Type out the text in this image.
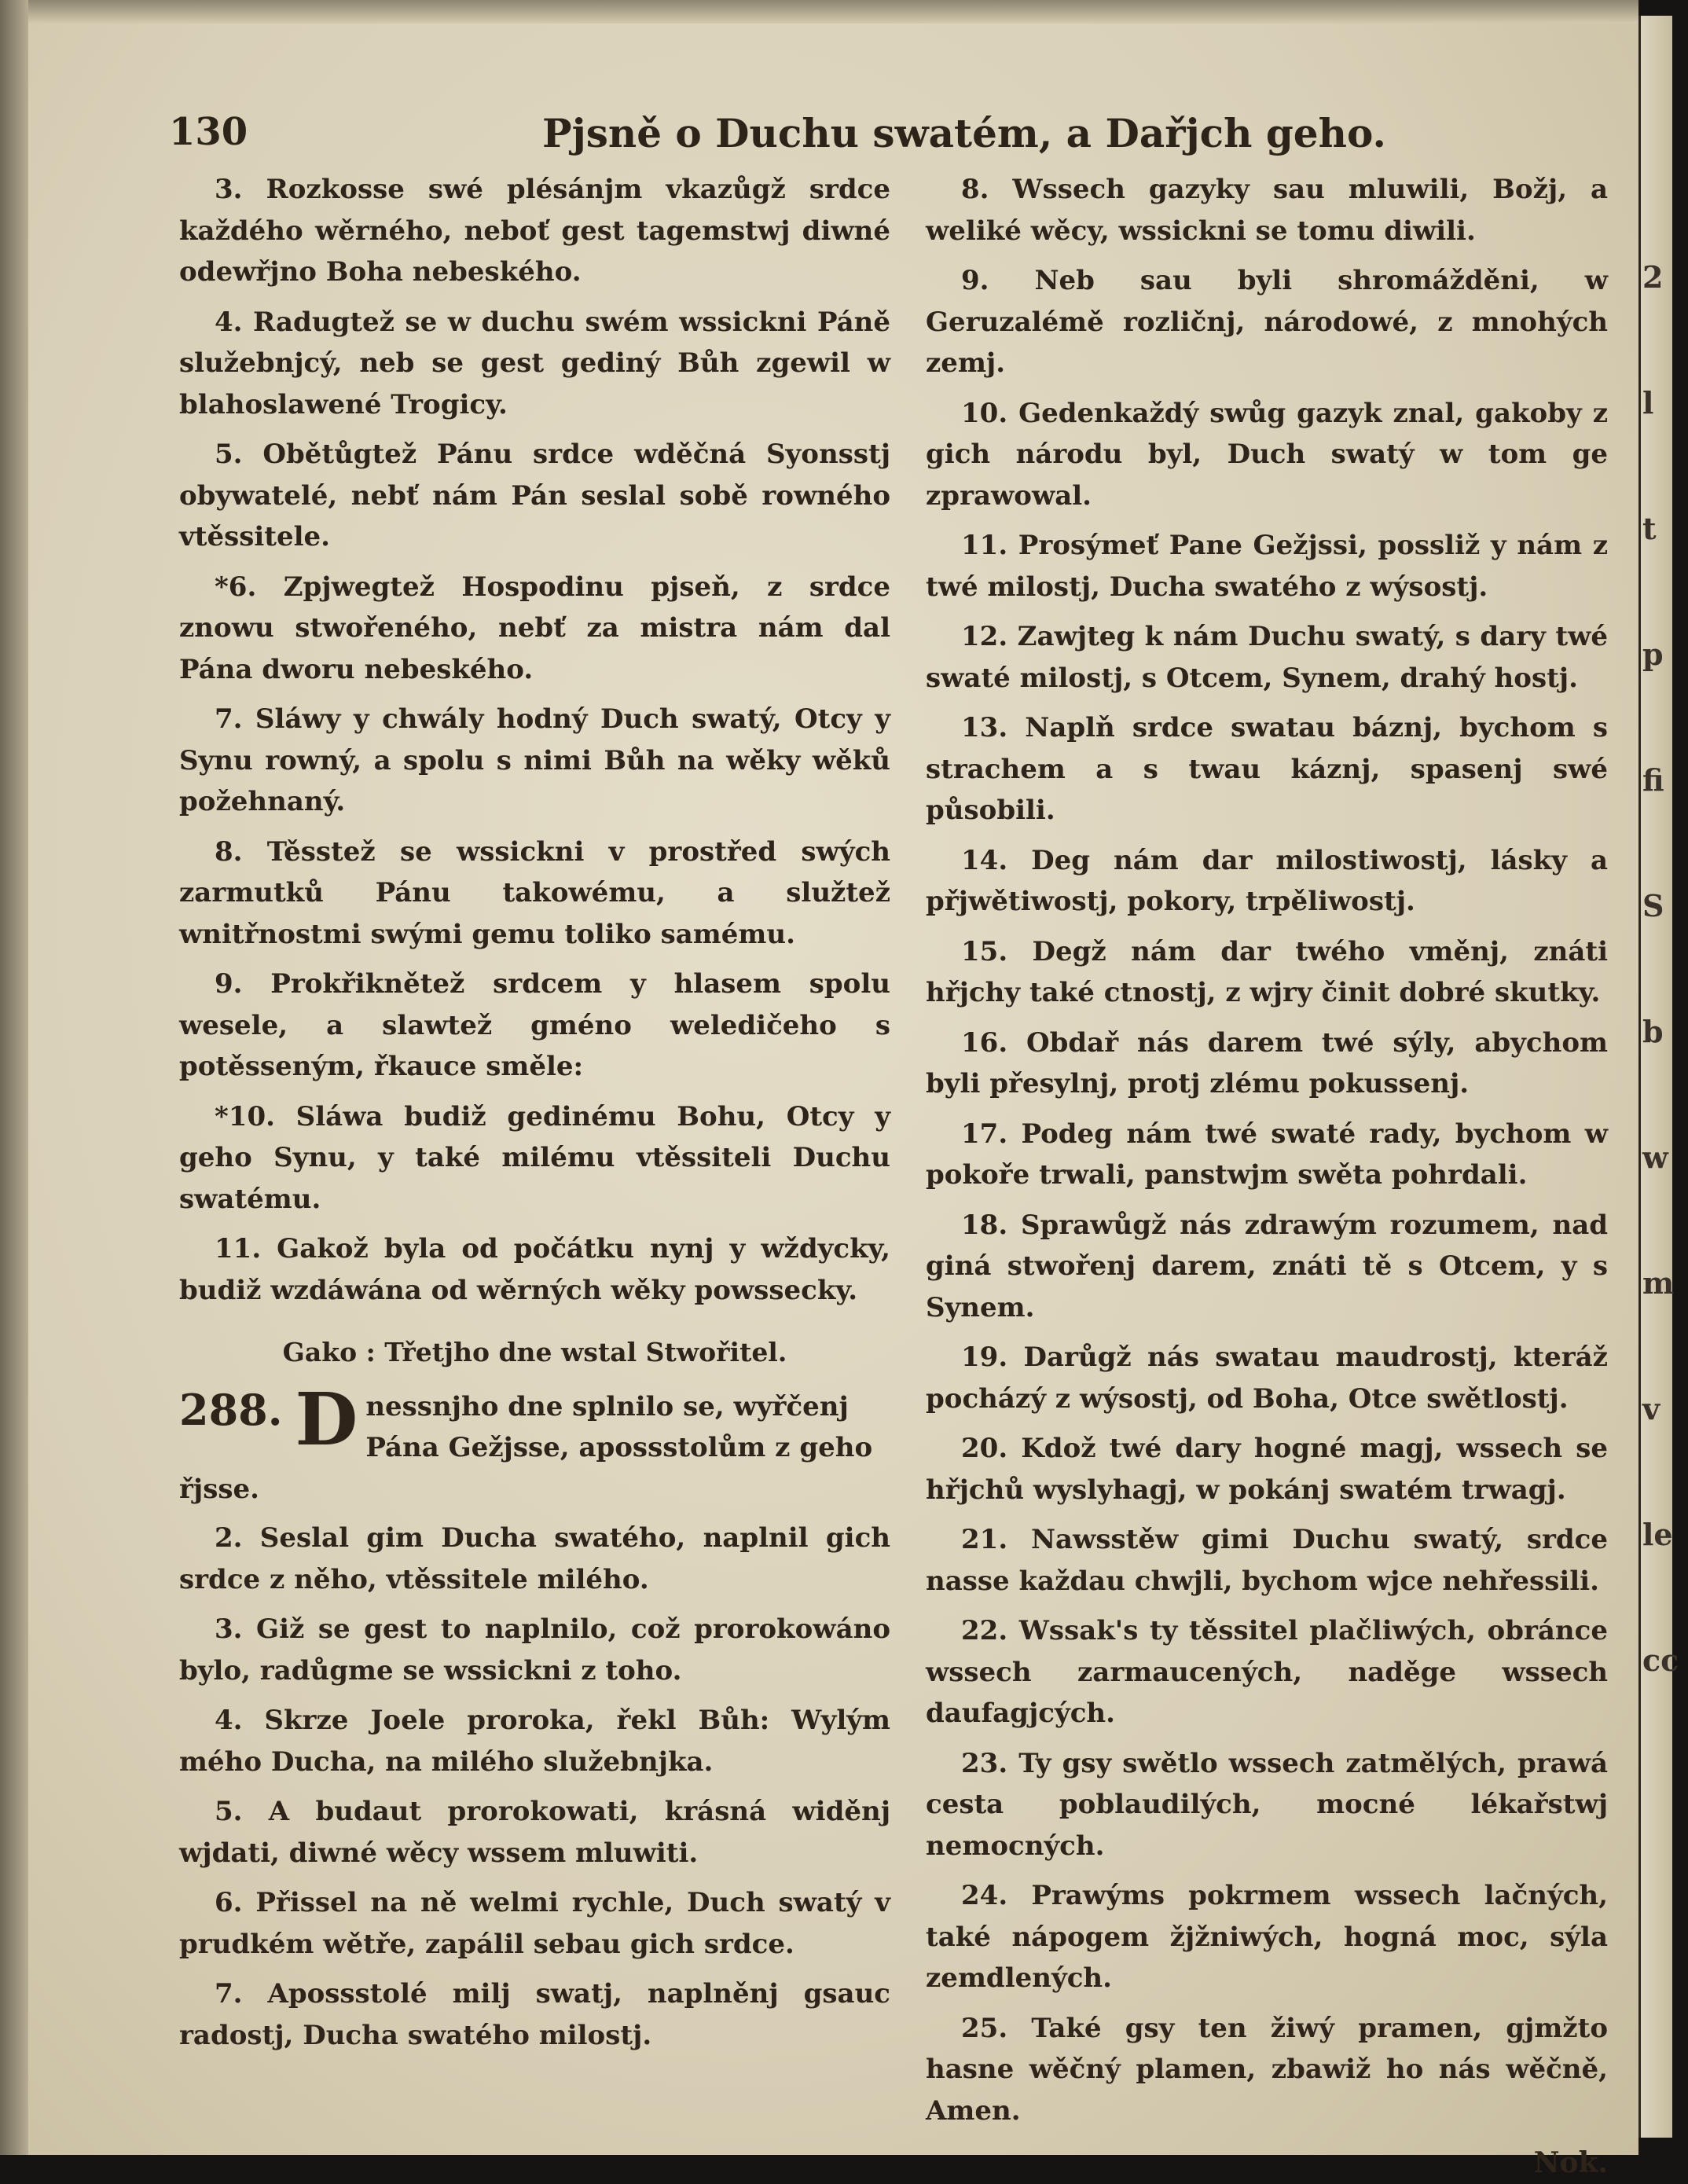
130	Pjsně o Duchu swatém, a Dařjch geho.

3. Rozkosse swé plésánjm vkazůgž srdce každého wěrného, neboť gest tagemstwj diwné odewřjno Boha nebeského.

4. Radugtež se w duchu swém wssickni Páně služebnjcý, neb se gest gediný Bůh zgewil w blahoslawené Trogicy.

5. Obětůgtež Pánu srdce wděčná Syonsstj obywatelé, nebť nám Pán seslal sobě rowného vtěssitele.

*6. Zpjwegtež Hospodinu pjseň, z srdce znowu stwořeného, nebť za mistra nám dal Pána dworu nebeského.

7. Sláwy y chwály hodný Duch swatý, Otcy y Synu rowný, a spolu s nimi Bůh na wěky wěků požehnaný.

8. Těsstež se wssickni v prostřed swých zarmutků Pánu takowému, a služtež wnitřnostmi swými gemu toliko samému.

9. Prokřiknětež srdcem y hlasem spolu wesele, a slawtež gméno weledičeho s potěsseným, řkauce směle:

*10. Sláwa budiž gedinému Bohu, Otcy y geho Synu, y také milému vtěssiteli Duchu swatému.

11. Gakož byla od počátku nynj y wždycky, budiž wzdáwána od wěrných wěky powssecky.

Gako : Třetjho dne wstal Stwořitel.
288. D nessnjho dne splnilo se, wyřčenj Pána Gežjsse, apossstolům z geho řjsse.

2. Seslal gim Ducha swatého, naplnil gich srdce z něho, vtěssitele milého.

3. Giž se gest to naplnilo, což prorokowáno bylo, radůgme se wssickni z toho.

4. Skrze Joele proroka, řekl Bůh: Wylým mého Ducha, na milého služebnjka.

5. A budaut prorokowati, krásná widěnj wjdati, diwné wěcy wssem mluwiti.

6. Přissel na ně welmi rychle, Duch swatý v prudkém wětře, zapálil sebau gich srdce.

7. Apossstolé milj swatj, naplněnj gsauc radostj, Ducha swatého milostj.

8. Wssech gazyky sau mluwili, Božj, a weliké wěcy, wssickni se tomu diwili.

9. Neb sau byli shromážděni, w Geruzalémě rozličnj, národowé, z mnohých zemj.

10. Gedenkaždý swůg gazyk znal, gakoby z gich národu byl, Duch swatý w tom ge zprawowal.

11. Prosýmeť Pane Gežjssi, possliž y nám z twé milostj, Ducha swatého z wýsostj.

12. Zawjteg k nám Duchu swatý, s dary twé swaté milostj, s Otcem, Synem, drahý hostj.

13. Naplň srdce swatau báznj, bychom s strachem a s twau káznj, spasenj swé působili.

14. Deg nám dar milostiwostj, lásky a přjwětiwostj, pokory, trpěliwostj.

15. Degž nám dar twého vměnj, znáti hřjchy také ctnostj, z wjry činit dobré skutky.

16. Obdař nás darem twé sýly, abychom byli přesylnj, protj zlému pokussenj.

17. Podeg nám twé swaté rady, bychom w pokoře trwali, panstwjm swěta pohrdali.

18. Sprawůgž nás zdrawým rozumem, nad giná stwořenj darem, znáti tě s Otcem, y s Synem.

19. Darůgž nás swatau maudrostj, kteráž pocházý z wýsostj, od Boha, Otce swětlostj.

20. Kdož twé dary hogné magj, wssech se hřjchů wyslyhagj, w pokánj swatém trwagj.

21. Nawsstěw gimi Duchu swatý, srdce nasse každau chwjli, bychom wjce nehřessili.

22. Wssak's ty těssitel plačliwých, obránce wssech zarmaucených, naděge wssech daufagjcých.

23. Ty gsy swětlo wssech zatmělých, prawá cesta poblaudilých, mocné lékařstwj nemocných.

24. Prawýms pokrmem wssech lačných, také nápogem žjžniwých, hogná moc, sýla zemdlených.

25. Také gsy ten žiwý pramen, gjmžto hasne wěčný plamen, zbawiž ho nás wěčně, Amen.

Nok.
2
l
t
p
fi
S
b
w
m
v
le
cc
